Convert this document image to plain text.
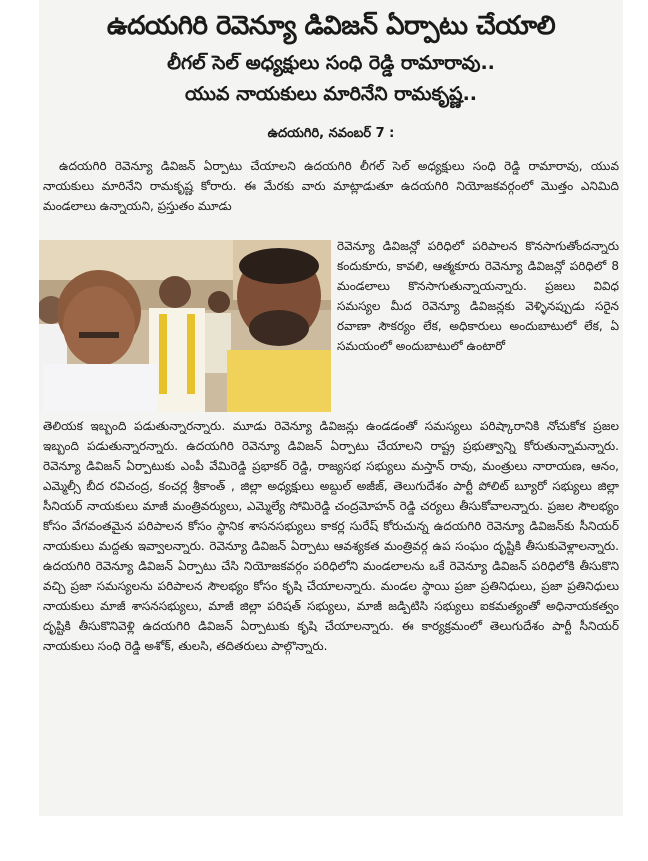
ఉదయగిరి రెవెన్యూ డివిజన్ ఏర్పాటు చేయాలి
లీగల్ సెల్ అధ్యక్షులు సంధి రెడ్డి రామారావు..
యువ నాయకులు మారినేని రామకృష్ణ..
ఉదయగిరి, నవంబర్ 7 :
ఉదయగిరి రెవెన్యూ డివిజన్ ఏర్పాటు చేయాలని ఉదయగిరి లీగల్ సెల్ అధ్యక్షులు సంధి రెడ్డి రామారావు, యువ నాయకులు మారినేని రామకృష్ణ కోరారు. ఈ మేరకు వారు మాట్లాడుతూ ఉదయగిరి నియోజకవర్గంలో మొత్తం ఎనిమిది మండలాలు ఉన్నాయని, ప్రస్తుతం మూడు
రెవెన్యూ డివిజన్లో పరిధిలో పరిపాలన కొనసాగుతోందన్నారు కందుకూరు, కావలి, ఆత్మకూరు రెవెన్యూ డివిజన్లో పరిధిలో 8 మండలాలు కొనసాగుతున్నాయన్నారు. ప్రజలు వివిధ సమస్యల మీద రెవెన్యూ డివిజన్లకు వెళ్ళినప్పుడు సరైన రవాణా సౌకర్యం లేక, అధికారులు అందుబాటులో లేక, ఏ సమయంలో అందుబాటులో ఉంటారో
తెలియక ఇబ్బంది పడుతున్నారన్నారు. మూడు రెవెన్యూ డివిజన్లు ఉండడంతో సమస్యలు పరిష్కారానికి నోచుకోక ప్రజల ఇబ్బంది పడుతున్నారన్నారు. ఉదయగిరి రెవెన్యూ డివిజన్ ఏర్పాటు చేయాలని రాష్ట్ర ప్రభుత్వాన్ని కోరుతున్నామన్నారు. రెవెన్యూ డివిజన్ ఏర్పాటుకు ఎంపీ వేమిరెడ్డి ప్రభాకర్ రెడ్డి, రాజ్యసభ సభ్యులు మస్తాన్ రావు, మంత్రులు నారాయణ, ఆనం, ఎమ్మెల్సీ బీద రవిచంద్ర, కంచర్ల శ్రీకాంత్ , జిల్లా అధ్యక్షులు అబ్దుల్ అజీజ్, తెలుగుదేశం పార్టీ పోలిట్ బ్యూరో సభ్యులు జిల్లా సీనియర్ నాయకులు మాజీ మంత్రివర్యులు, ఎమ్మెల్యే సోమిరెడ్డి చంద్రమోహన్ రెడ్డి చర్యలు తీసుకోవాలన్నారు. ప్రజల సౌలభ్యం కోసం వేగవంతమైన పరిపాలన కోసం స్థానిక శాసనసభ్యులు కాకర్ల సురేష్ కోరుచున్న ఉదయగిరి రెవెన్యూ డివిజన్‌కు సీనియర్ నాయకులు మద్దతు ఇవ్వాలన్నారు. రెవెన్యూ డివిజన్ ఏర్పాటు ఆవశ్యకత మంత్రివర్గ ఉప సంఘం దృష్టికి తీసుకువెళ్లాలన్నారు. ఉదయగిరి రెవెన్యూ డివిజన్ ఏర్పాటు చేసి నియోజకవర్గం పరిధిలోని మండలాలను ఒకే రెవెన్యూ డివిజన్ పరిధిలోకి తీసుకొని వచ్చి ప్రజా సమస్యలను పరిపాలన సౌలభ్యం కోసం కృషి చేయాలన్నారు. మండల స్థాయి ప్రజా ప్రతినిధులు, ప్రజా ప్రతినిధులు నాయకులు మాజీ శాసనసభ్యులు, మాజీ జిల్లా పరిషత్ సభ్యులు, మాజీ జడ్పిటిసి సభ్యులు ఐకమత్యంతో అధినాయకత్వం దృష్టికి తీసుకొనివెళ్లి ఉదయగిరి డివిజన్ ఏర్పాటుకు కృషి చేయాలన్నారు. ఈ కార్యక్రమంలో తెలుగుదేశం పార్టీ సీనియర్ నాయకులు సంధి రెడ్డి అశోక్, తులసి, తదితరులు పాల్గొన్నారు.
